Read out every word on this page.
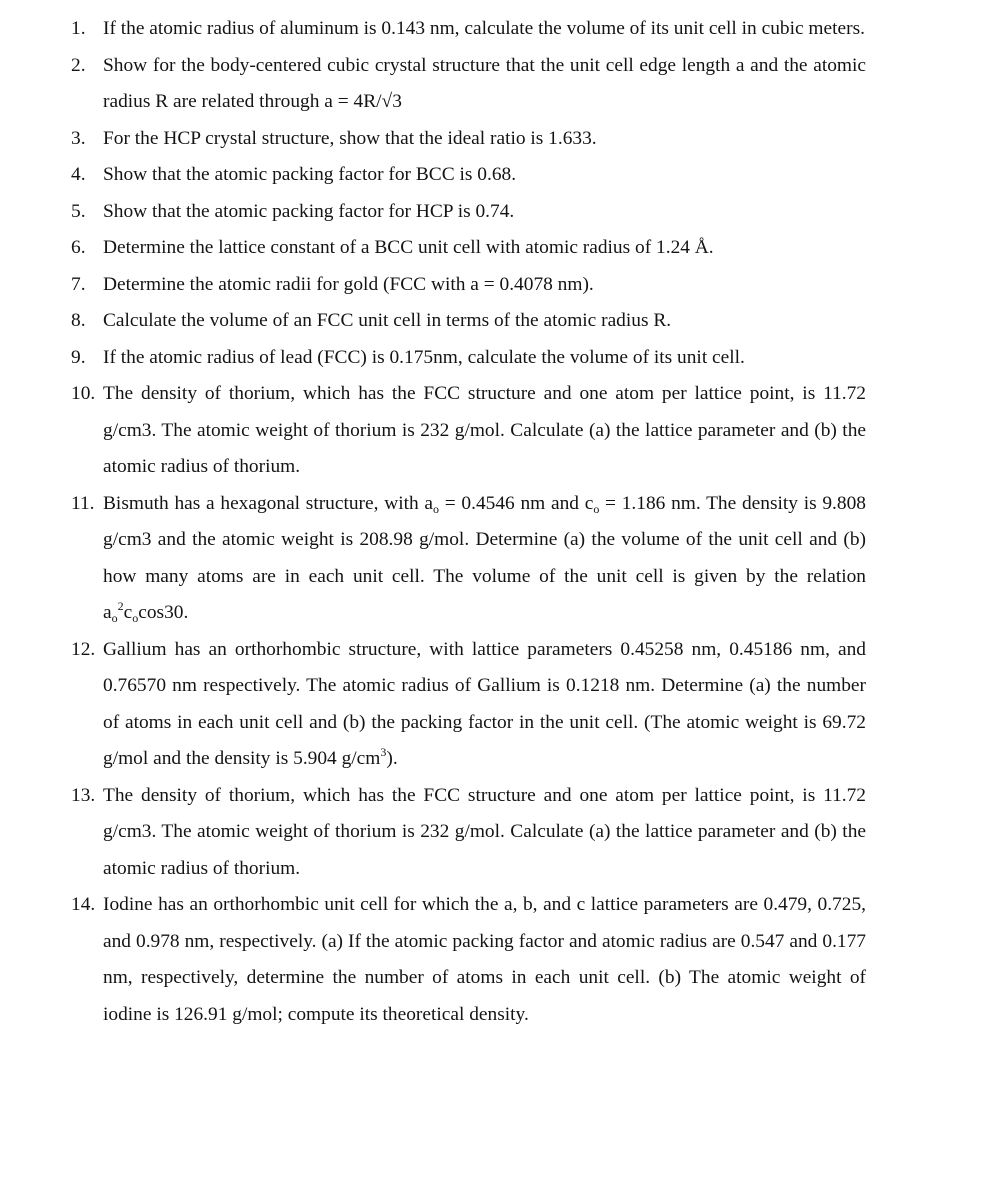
1. If the atomic radius of aluminum is 0.143 nm, calculate the volume of its unit cell in cubic meters.
2. Show for the body-centered cubic crystal structure that the unit cell edge length a and the atomic radius R are related through a = 4R/√3
3. For the HCP crystal structure, show that the ideal ratio is 1.633.
4. Show that the atomic packing factor for BCC is 0.68.
5. Show that the atomic packing factor for HCP is 0.74.
6. Determine the lattice constant of a BCC unit cell with atomic radius of 1.24 Å.
7. Determine the atomic radii for gold (FCC with a = 0.4078 nm).
8. Calculate the volume of an FCC unit cell in terms of the atomic radius R.
9. If the atomic radius of lead (FCC) is 0.175nm, calculate the volume of its unit cell.
10. The density of thorium, which has the FCC structure and one atom per lattice point, is 11.72 g/cm3. The atomic weight of thorium is 232 g/mol. Calculate (a) the lattice parameter and (b) the atomic radius of thorium.
11. Bismuth has a hexagonal structure, with $a_o = 0.4546$ nm and $c_o = 1.186$ nm. The density is 9.808 g/cm3 and the atomic weight is 208.98 g/mol. Determine (a) the volume of the unit cell and (b) how many atoms are in each unit cell. The volume of the unit cell is given by the relation $a_o^2c_o\cos 30$.
12. Gallium has an orthorhombic structure, with lattice parameters 0.45258 nm, 0.45186 nm, and 0.76570 nm respectively. The atomic radius of Gallium is 0.1218 nm. Determine (a) the number of atoms in each unit cell and (b) the packing factor in the unit cell. (The atomic weight is 69.72 g/mol and the density is 5.904 $g/cm^3$).
13. The density of thorium, which has the FCC structure and one atom per lattice point, is 11.72 g/cm3. The atomic weight of thorium is 232 g/mol. Calculate (a) the lattice parameter and (b) the atomic radius of thorium.
14. Iodine has an orthorhombic unit cell for which the a, b, and c lattice parameters are 0.479, 0.725, and 0.978 nm, respectively. (a) If the atomic packing factor and atomic radius are 0.547 and 0.177 nm, respectively, determine the number of atoms in each unit cell. (b) The atomic weight of iodine is 126.91 g/mol; compute its theoretical density.
